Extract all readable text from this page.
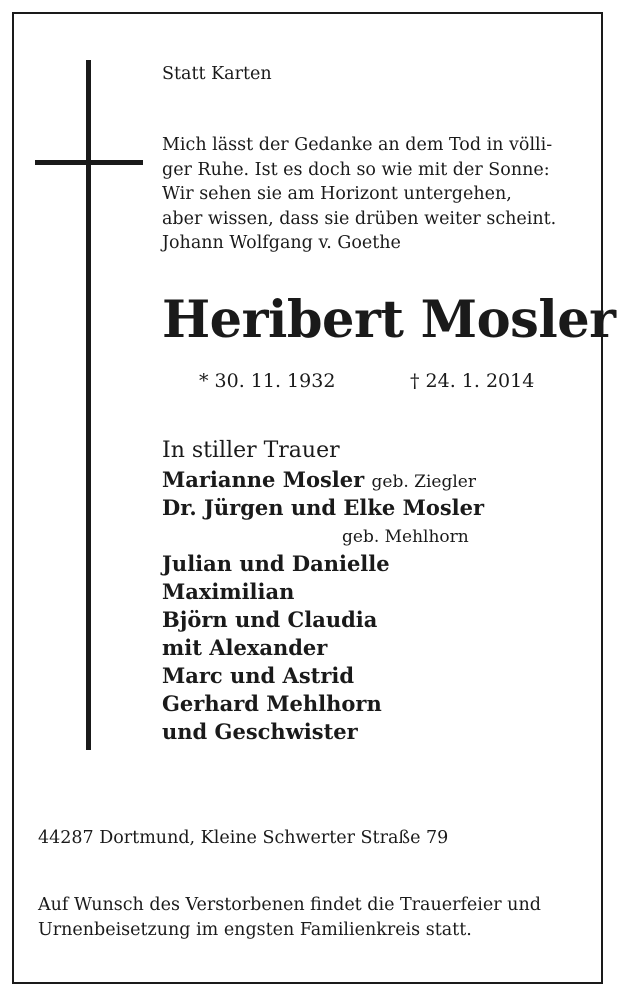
Statt Karten
Mich lässt der Gedanke an dem Tod in völli-
ger Ruhe. Ist es doch so wie mit der Sonne:
Wir sehen sie am Horizont untergehen,
aber wissen, dass sie drüben weiter scheint.
Johann Wolfgang v. Goethe
Heribert Mosler
* 30. 11. 1932	† 24. 1. 2014
In stiller Trauer
Marianne Mosler geb. Ziegler
Dr. Jürgen und Elke Mosler
geb. Mehlhorn
Julian und Danielle
Maximilian
Björn und Claudia
mit Alexander
Marc und Astrid
Gerhard Mehlhorn
und Geschwister
44287 Dortmund, Kleine Schwerter Straße 79
Auf Wunsch des Verstorbenen findet die Trauerfeier und
Urnenbeisetzung im engsten Familienkreis statt.
